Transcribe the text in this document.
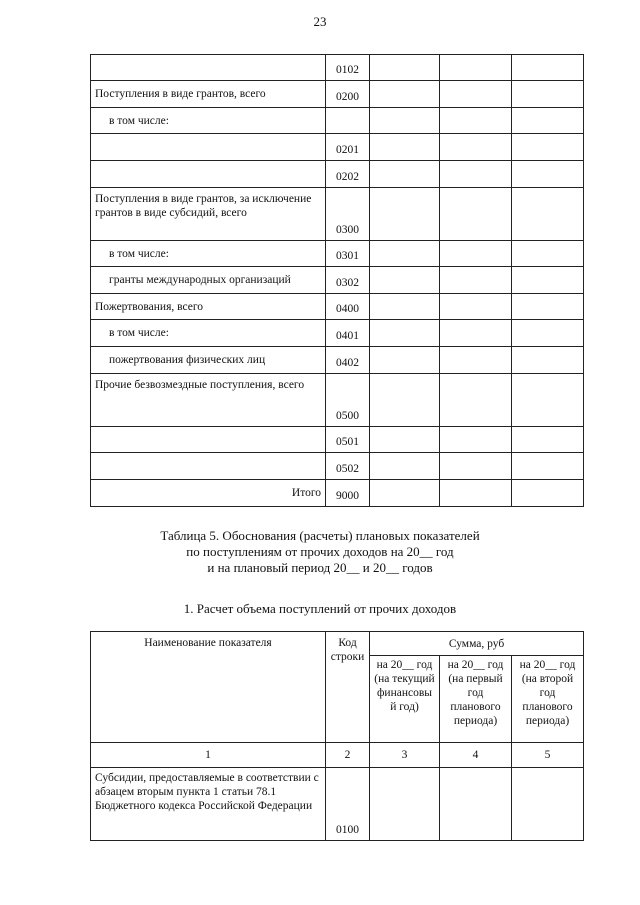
23
	0102			
Поступления в виде грантов, всего	0200			
в том числе:				
	0201			
	0202			
Поступления в виде грантов, за исключение грантов в виде субсидий, всего	0300			
в том числе:	0301			
гранты международных организаций	0302			
Пожертвования, всего	0400			
в том числе:	0401			
пожертвования физических лиц	0402			
Прочие безвозмездные поступления, всего	0500			
	0501			
	0502			
Итого	9000			
Таблица 5. Обоснования (расчеты) плановых показателей
по поступлениям от прочих доходов на 20__ год
и на плановый период 20__ и 20__ годов
1. Расчет объема поступлений от прочих доходов
Наименование показателя	Код строки	Сумма, руб		
		на 20__ год (на текущий финансовы й год)	на 20__ год (на первый год планового периода)	на 20__ год (на второй год планового периода)
1	2	3	4	5
Субсидии, предоставляемые в соответствии с абзацем вторым пункта 1 статьи 78.1 Бюджетного кодекса Российской Федерации	0100			
